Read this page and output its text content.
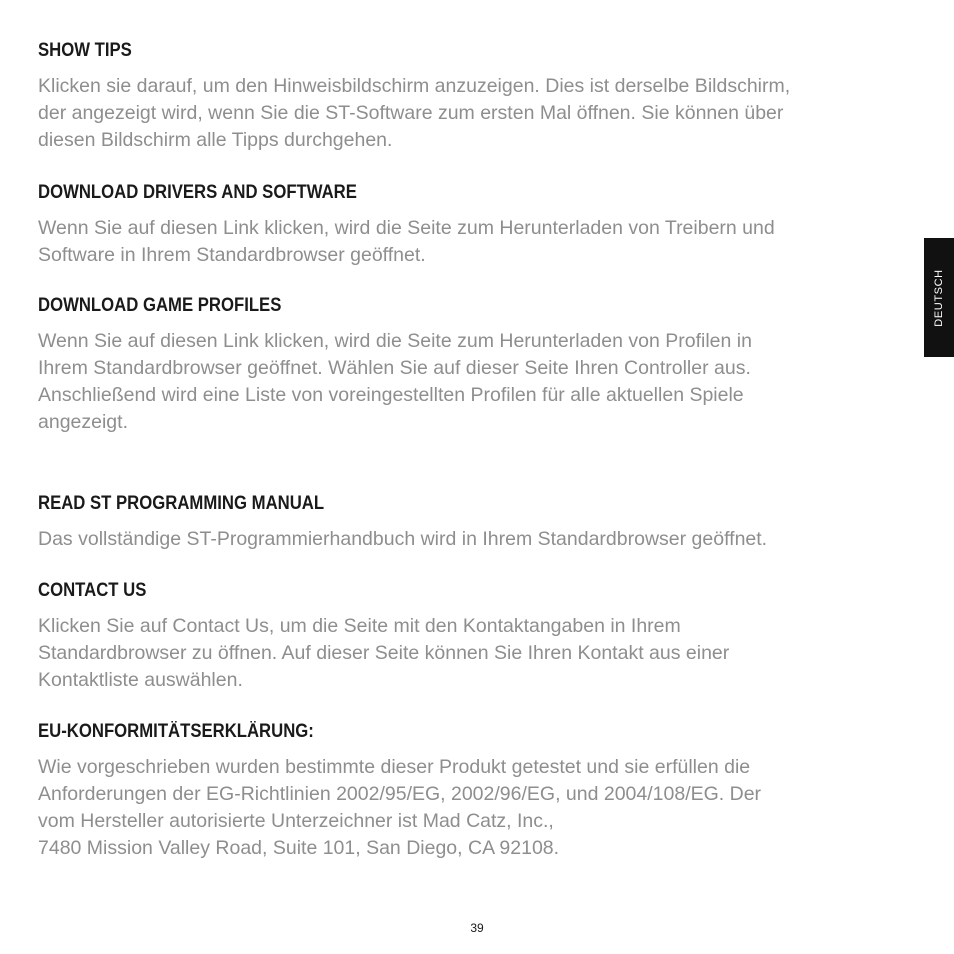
SHOW TIPS

Klicken sie darauf, um den Hinweisbildschirm anzuzeigen. Dies ist derselbe Bildschirm,
der angezeigt wird, wenn Sie die ST-Software zum ersten Mal öffnen. Sie können über
diesen Bildschirm alle Tipps durchgehen.

DOWNLOAD DRIVERS AND SOFTWARE

Wenn Sie auf diesen Link klicken, wird die Seite zum Herunterladen von Treibern und
Software in Ihrem Standardbrowser geöffnet.

DOWNLOAD GAME PROFILES

Wenn Sie auf diesen Link klicken, wird die Seite zum Herunterladen von Profilen in
Ihrem Standardbrowser geöffnet. Wählen Sie auf dieser Seite Ihren Controller aus.
Anschließend wird eine Liste von voreingestellten Profilen für alle aktuellen Spiele
angezeigt.

READ ST PROGRAMMING MANUAL

Das vollständige ST-Programmierhandbuch wird in Ihrem Standardbrowser geöffnet.

CONTACT US

Klicken Sie auf Contact Us, um die Seite mit den Kontaktangaben in Ihrem
Standardbrowser zu öffnen. Auf dieser Seite können Sie Ihren Kontakt aus einer
Kontaktliste auswählen.

EU-KONFORMITÄTSERKLÄRUNG:

Wie vorgeschrieben wurden bestimmte dieser Produkt getestet und sie erfüllen die
Anforderungen der EG-Richtlinien 2002/95/EG, 2002/96/EG, und 2004/108/EG. Der
vom Hersteller autorisierte Unterzeichner ist Mad Catz, Inc.,
7480 Mission Valley Road, Suite 101, San Diego, CA 92108.

DEUTSCH
39
